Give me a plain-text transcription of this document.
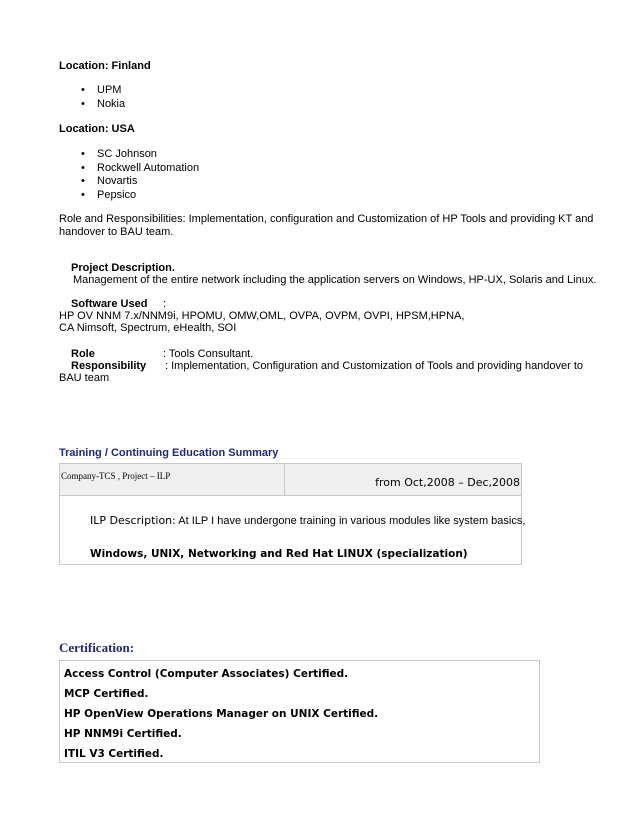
Location: Finland
• UPM
• Nokia
Location: USA
• SC Johnson
• Rockwell Automation
• Novartis
• Pepsico
Role and Responsibilities: Implementation, configuration and Customization of HP Tools and providing KT and
handover to BAU team.
Project Description.
Management of the entire network including the application servers on Windows, HP-UX, Solaris and Linux.
Software Used :
HP OV NNM 7.x/NNM9i, HPOMU, OMW,OML, OVPA, OVPM, OVPI, HPSM,HPNA,
CA Nimsoft, Spectrum, eHealth, SOI
Role	: Tools Consultant.
Responsibility : Implementation, Configuration and Customization of Tools and providing handover to
BAU team
Training / Continuing Education Summary
Company-TCS , Project – ILP	from Oct,2008 – Dec,2008
ILP Description: At ILP I have undergone training in various modules like system basics,
Windows, UNIX, Networking and Red Hat LINUX (specialization)
Certification:
Access Control (Computer Associates) Certified.
MCP Certified.
HP OpenView Operations Manager on UNIX Certified.
HP NNM9i Certified.
ITIL V3 Certified.
